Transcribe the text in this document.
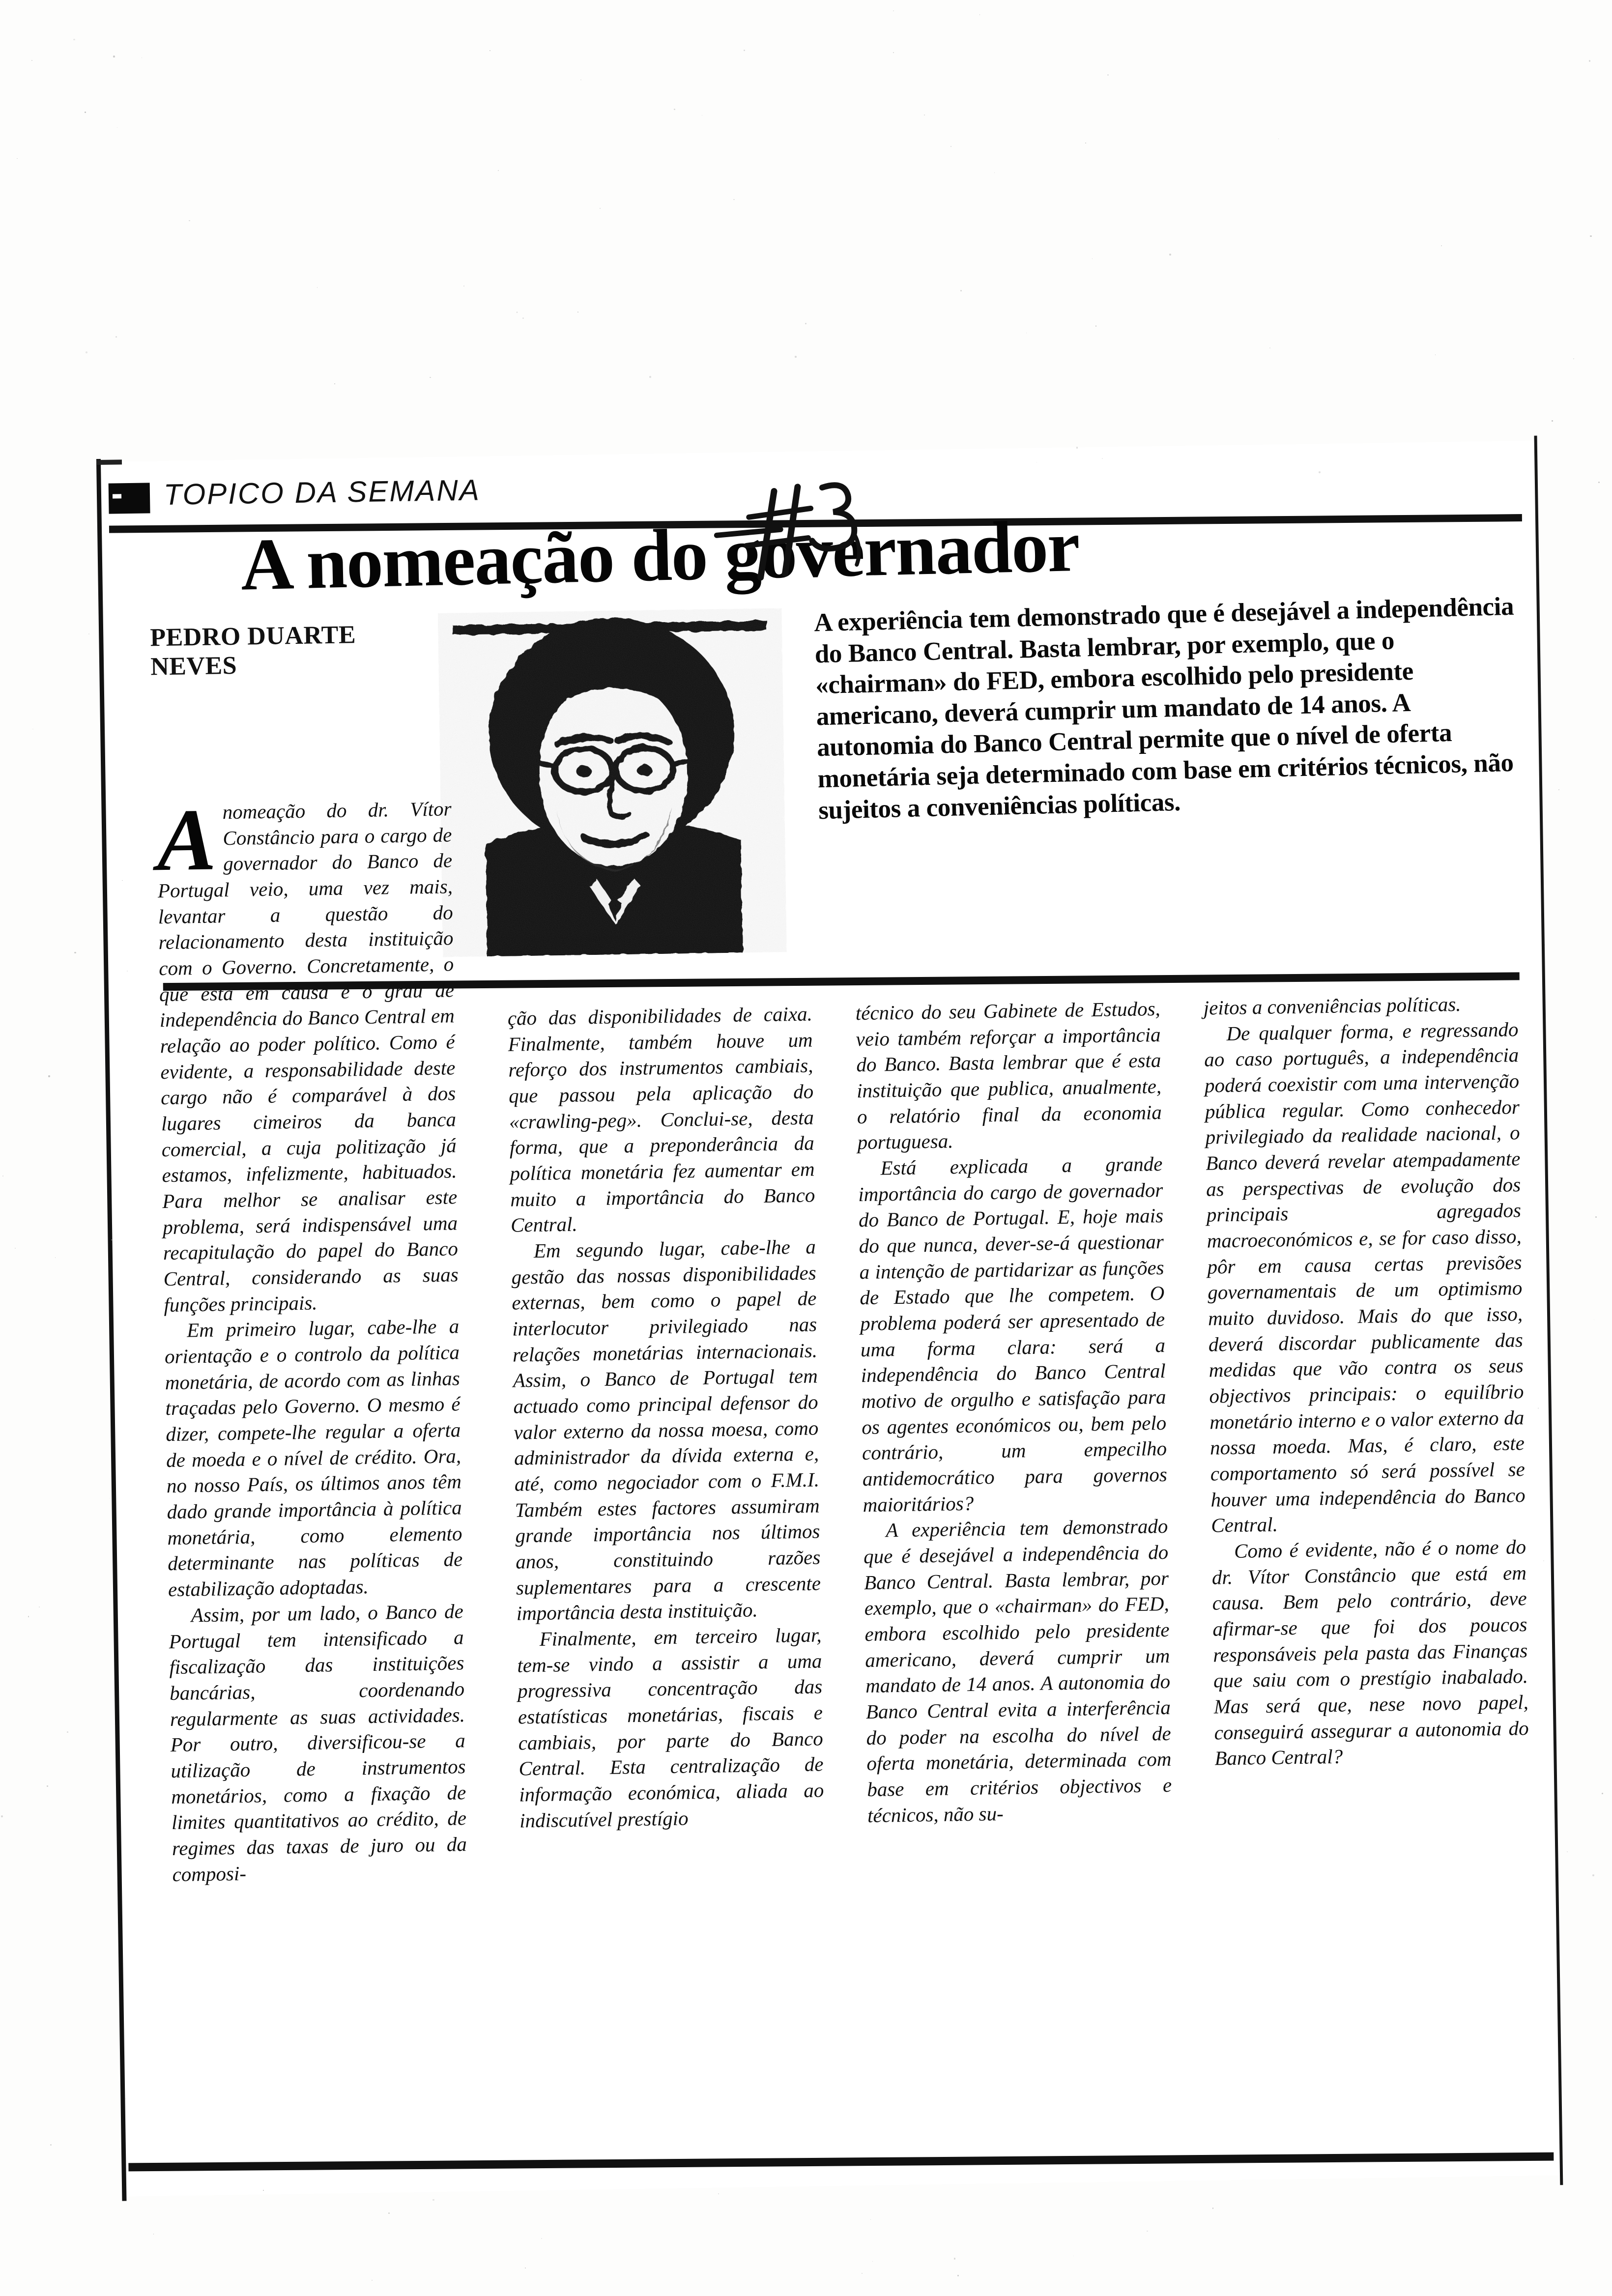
TOPICO DA SEMANA
A nomeação do governador
PEDRO DUARTE
NEVES
A experiência tem demonstrado que é desejável a independência do Banco Central. Basta lembrar, por exemplo, que o «chairman» do FED, embora escolhido pelo presidente americano, deverá cumprir um mandato de 14 anos. A autonomia do Banco Central permite que o nível de oferta monetária seja determinado com base em critérios técnicos, não sujeitos a conveniências políticas.

Anomeação do dr. Vítor Constâncio para o cargo de governador do Banco de Portugal veio, uma vez mais, levantar a questão do relacionamento desta instituição com o Governo. Concretamente, o que está em causa é o grau de independência do Banco Central em relação ao poder político. Como é evidente, a responsabilidade deste cargo não é comparável à dos lugares cimeiros da banca comercial, a cuja politização já estamos, infelizmente, habituados. Para melhor se analisar este problema, será indispensável uma recapitulação do papel do Banco Central, considerando as suas funções principais.

Em primeiro lugar, cabe-lhe a orientação e o controlo da política monetária, de acordo com as linhas traçadas pelo Governo. O mesmo é dizer, compete-lhe regular a oferta de moeda e o nível de crédito. Ora, no nosso País, os últimos anos têm dado grande importância à política monetária, como elemento determinante nas políticas de estabilização adoptadas.

Assim, por um lado, o Banco de Portugal tem intensificado a fiscalização das instituições bancárias, coordenando regularmente as suas actividades. Por outro, diversificou-se a utilização de instrumentos monetários, como a fixação de limites quantitativos ao crédito, de regimes das taxas de juro ou da composi-

ção das disponibilidades de caixa. Finalmente, também houve um reforço dos instrumentos cambiais, que passou pela aplicação do «crawling-peg». Conclui-se, desta forma, que a preponderância da política monetária fez aumentar em muito a importância do Banco Central.

Em segundo lugar, cabe-lhe a gestão das nossas disponibilidades externas, bem como o papel de interlocutor privilegiado nas relações monetárias internacionais. Assim, o Banco de Portugal tem actuado como principal defensor do valor externo da nossa moesa, como administrador da dívida externa e, até, como negociador com o F.M.I. Também estes factores assumiram grande importância nos últimos anos, constituindo razões suplementares para a crescente importância desta instituição.

Finalmente, em terceiro lugar, tem-se vindo a assistir a uma progressiva concentração das estatísticas monetárias, fiscais e cambiais, por parte do Banco Central. Esta centralização de informação económica, aliada ao indiscutível prestígio

técnico do seu Gabinete de Estudos, veio também reforçar a importância do Banco. Basta lembrar que é esta instituição que publica, anualmente, o relatório final da economia portuguesa.

Está explicada a grande importância do cargo de governador do Banco de Portugal. E, hoje mais do que nunca, dever-se-á questionar a intenção de partidarizar as funções de Estado que lhe competem. O problema poderá ser apresentado de uma forma clara: será a independência do Banco Central motivo de orgulho e satisfação para os agentes económicos ou, bem pelo contrário, um empecilho antidemocrático para governos maioritários?

A experiência tem demonstrado que é desejável a independência do Banco Central. Basta lembrar, por exemplo, que o «chairman» do FED, embora escolhido pelo presidente americano, deverá cumprir um mandato de 14 anos. A autonomia do Banco Central evita a interferência do poder na escolha do nível de oferta monetária, determinada com base em critérios objectivos e técnicos, não su-

jeitos a conveniências políticas.

De qualquer forma, e regressando ao caso português, a independência poderá coexistir com uma intervenção pública regular. Como conhecedor privilegiado da realidade nacional, o Banco deverá revelar atempadamente as perspectivas de evolução dos principais agregados macroeconómicos e, se for caso disso, pôr em causa certas previsões governamentais de um optimismo muito duvidoso. Mais do que isso, deverá discordar publicamente das medidas que vão contra os seus objectivos principais: o equilíbrio monetário interno e o valor externo da nossa moeda. Mas, é claro, este comportamento só será possível se houver uma independência do Banco Central.

Como é evidente, não é o nome do dr. Vítor Constâncio que está em causa. Bem pelo contrário, deve afirmar-se que foi dos poucos responsáveis pela pasta das Finanças que saiu com o prestígio inabalado. Mas será que, nese novo papel, conseguirá assegurar a autonomia do Banco Central?
